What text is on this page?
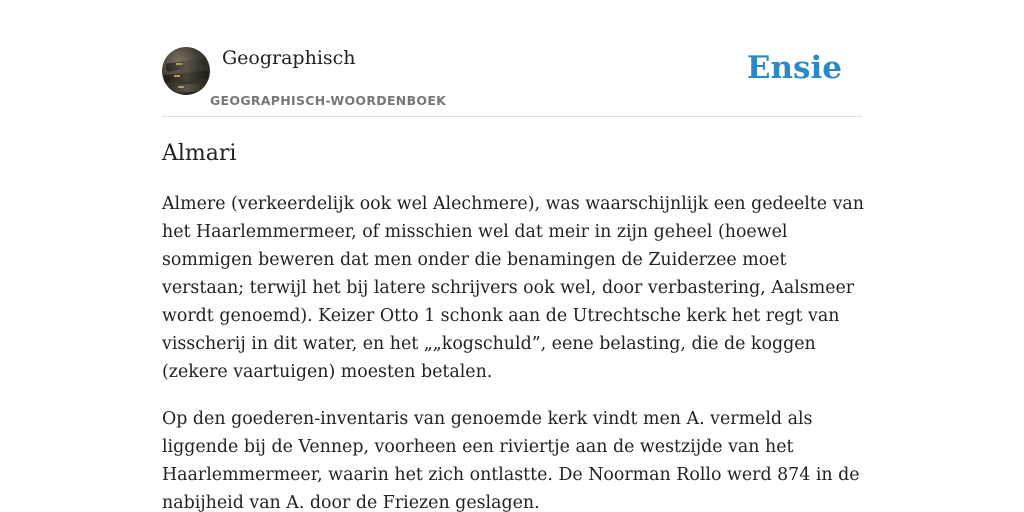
Geographisch
GEOGRAPHISCH-WOORDENBOEK
Ensie
Almari

Almere (verkeerdelijk ook wel Alechmere), was waarschijnlijk een gedeelte van het Haarlemmermeer, of misschien wel dat meir in zijn geheel (hoewel sommigen beweren dat men onder die benamingen de Zuiderzee moet verstaan; terwijl het bij latere schrijvers ook wel, door verbastering, Aalsmeer wordt genoemd). Keizer Otto 1 schonk aan de Utrechtsche kerk het regt van visscherij in dit water, en het „„kogschuld”, eene belasting, die de koggen (zekere vaartuigen) moesten betalen.

Op den goederen-inventaris van genoemde kerk vindt men A. vermeld als liggende bij de Vennep, voorheen een riviertje aan de westzijde van het Haarlemmermeer, waarin het zich ontlastte. De Noorman Rollo werd 874 in de nabijheid van A. door de Friezen geslagen.
